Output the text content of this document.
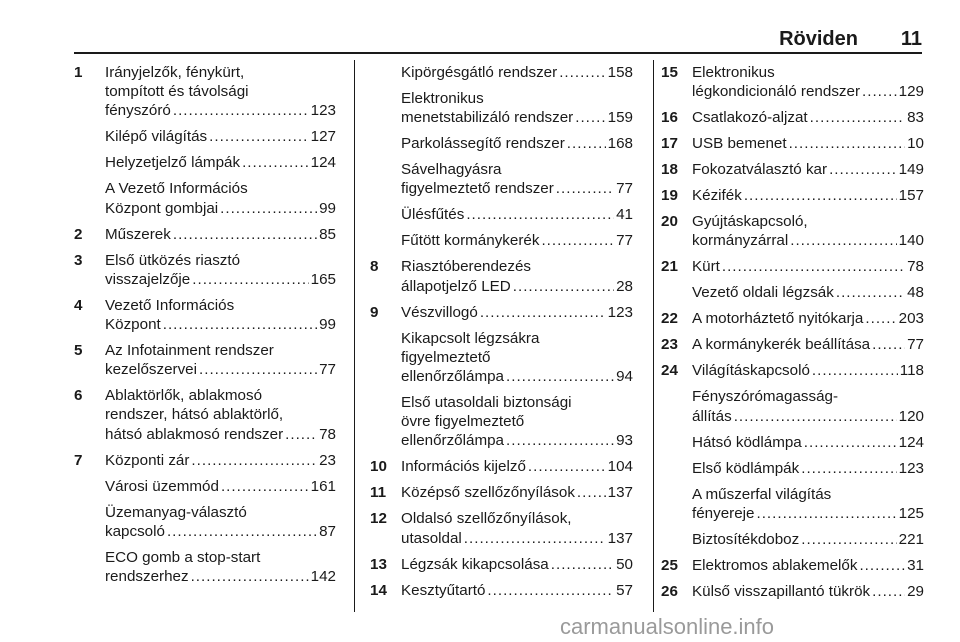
Röviden 11
1 Irányjelzők, fénykürt,
tompított és távolsági
fényszóró .....	123
Kilépő világítás .....	127
Helyzetjelző lámpák .....	124
A Vezető Információs
Központ gombjai .....	99
2 Műszerek .....	85
3 Első ütközés riasztó
visszajelzője .....	165
4 Vezető Információs
Központ .....	99
5 Az Infotainment rendszer
kezelőszervei .....	77
6 Ablaktörlők, ablakmosó
rendszer, hátsó ablaktörlő,
hátsó ablakmosó rendszer ..... 78
7 Központi zár .....	23
Városi üzemmód .....	161
Üzemanyag-választó
kapcsoló .....	87
ECO gomb a stop-start
rendszerhez .....	142
Kipörgésgátló rendszer .....	158
Elektronikus
menetstabilizáló rendszer ..... 159
Parkolássegítő rendszer .....	168
Sávelhagyásra
figyelmeztető rendszer .....	77
Ülésfűtés .....	41
Fűtött kormánykerék .....	77
8 Riasztóberendezés
állapotjelző LED .....	28
9 Vészvillogó .....	123
Kikapcsolt légzsákra
figyelmeztető
ellenőrzőlámpa .....	94
Első utasoldali biztonsági
övre figyelmeztető
ellenőrzőlámpa .....	93
10 Információs kijelző .....	104
11 Középső szellőzőnyílások ..... 137
12 Oldalsó szellőzőnyílások,
utasoldal .....	137
13 Légzsák kikapcsolása .....	50
14 Kesztyűtartó .....	57
15 Elektronikus
légkondicionáló rendszer .....	129
16 Csatlakozó-aljzat .....	83
17 USB bemenet .....	10
18 Fokozatválasztó kar .....	149
19 Kézifék .....	157
20 Gyújtáskapcsoló,
kormányzárral .....	140
21 Kürt .....	78
Vezető oldali légzsák .....	48
22 A motorháztető nyitókarja ..... 203
23 A kormánykerék beállítása ..... 77
24 Világításkapcsoló .....	118
Fényszórómagasság-
állítás .....	120
Hátsó ködlámpa .....	124
Első ködlámpák .....	123
A műszerfal világítás
fényereje .....	125
Biztosítékdoboz .....	221
25 Elektromos ablakemelők .....	31
26 Külső visszapillantó tükrök ..... 29
carmanualsonline.info
